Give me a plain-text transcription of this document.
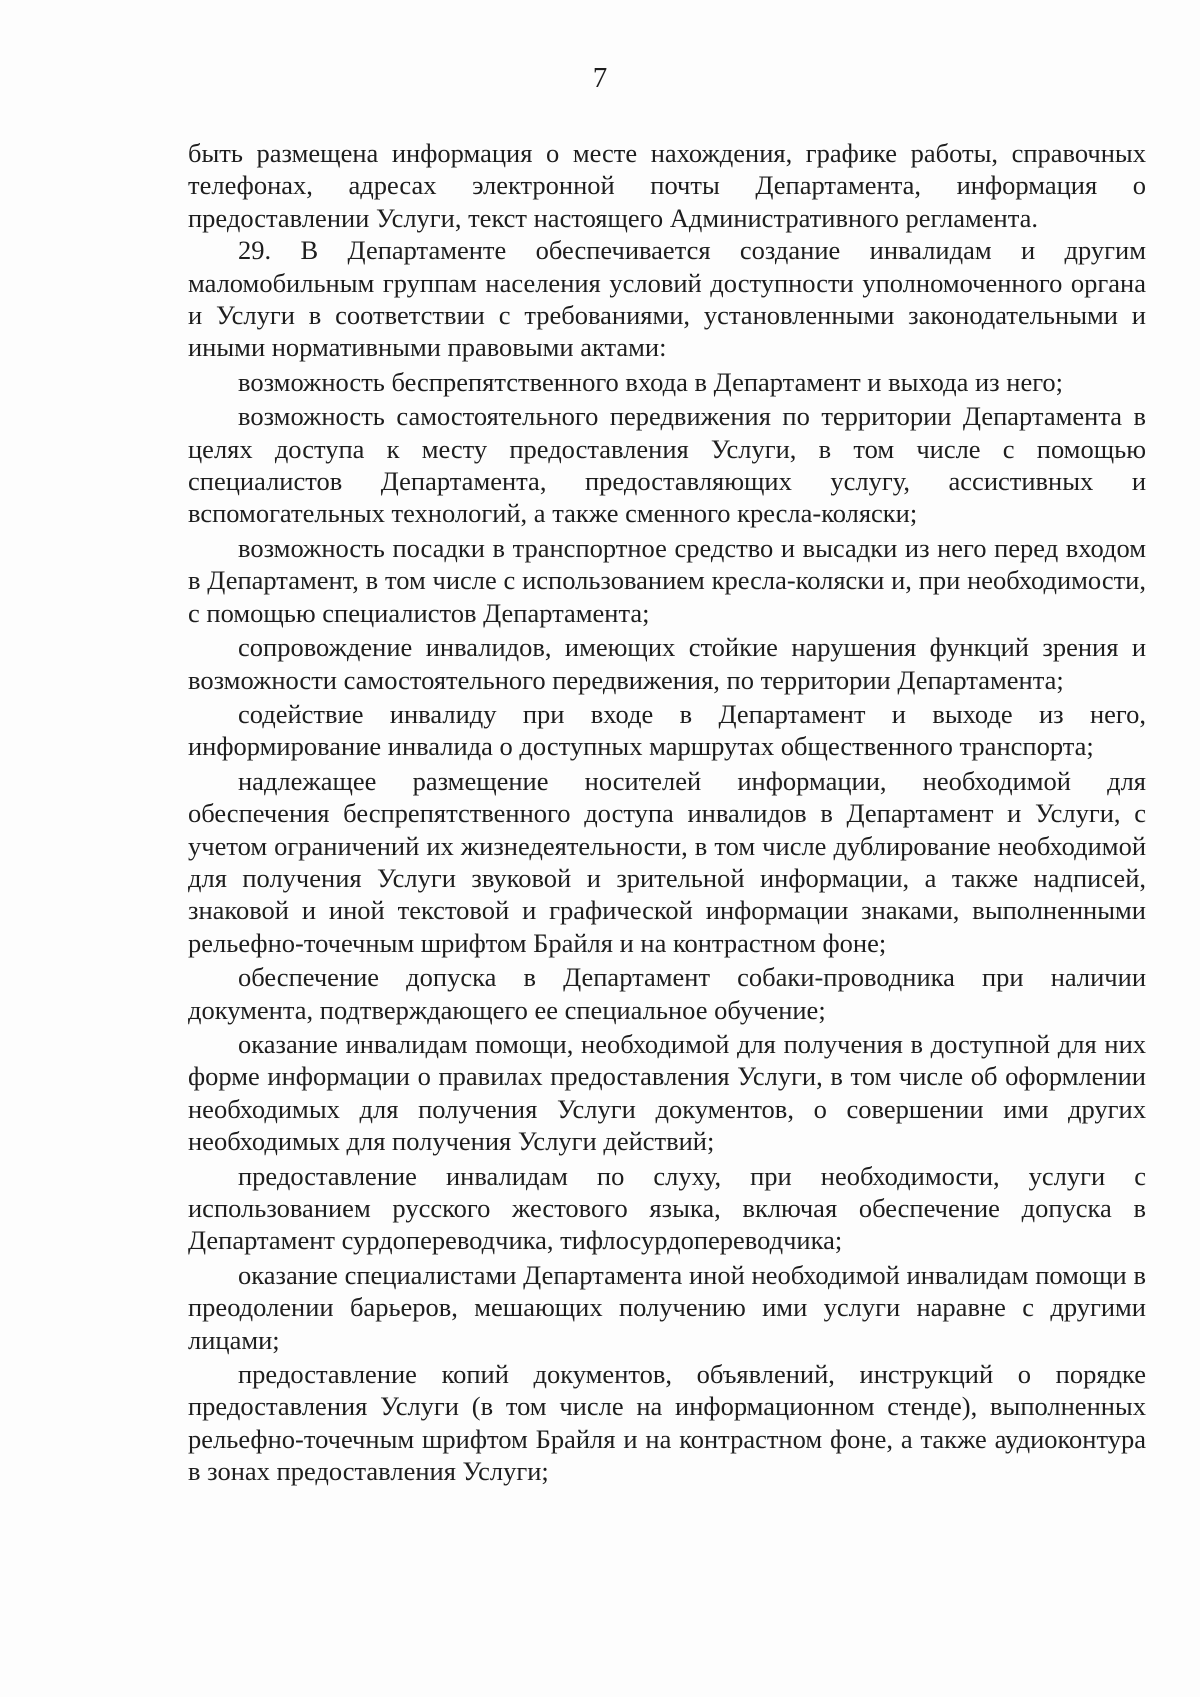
7

быть размещена информация о месте нахождения, графике работы, справочных телефонах, адресах электронной почты Департамента, информация о предоставлении Услуги, текст настоящего Административного регламента.

29. В Департаменте обеспечивается создание инвалидам и другим маломобильным группам населения условий доступности уполномоченного органа и Услуги в соответствии с требованиями, установленными законодательными и иными нормативными правовыми актами:

возможность беспрепятственного входа в Департамент и выхода из него;

возможность самостоятельного передвижения по территории Департамента в целях доступа к месту предоставления Услуги, в том числе с помощью специалистов Департамента, предоставляющих услугу, ассистивных и вспомогательных технологий, а также сменного кресла-коляски;

возможность посадки в транспортное средство и высадки из него перед входом в Департамент, в том числе с использованием кресла-коляски и, при необходимости, с помощью специалистов Департамента;

сопровождение инвалидов, имеющих стойкие нарушения функций зрения и возможности самостоятельного передвижения, по территории Департамента;

содействие инвалиду при входе в Департамент и выходе из него, информирование инвалида о доступных маршрутах общественного транспорта;

надлежащее размещение носителей информации, необходимой для обеспечения беспрепятственного доступа инвалидов в Департамент и Услуги, с учетом ограничений их жизнедеятельности, в том числе дублирование необходимой для получения Услуги звуковой и зрительной информации, а также надписей, знаковой и иной текстовой и графической информации знаками, выполненными рельефно-точечным шрифтом Брайля и на контрастном фоне;

обеспечение допуска в Департамент собаки-проводника при наличии документа, подтверждающего ее специальное обучение;

оказание инвалидам помощи, необходимой для получения в доступной для них форме информации о правилах предоставления Услуги, в том числе об оформлении необходимых для получения Услуги документов, о совершении ими других необходимых для получения Услуги действий;

предоставление инвалидам по слуху, при необходимости, услуги с использованием русского жестового языка, включая обеспечение допуска в Департамент сурдопереводчика, тифлосурдопереводчика;

оказание специалистами Департамента иной необходимой инвалидам помощи в преодолении барьеров, мешающих получению ими услуги наравне с другими лицами;

предоставление копий документов, объявлений, инструкций о порядке предоставления Услуги (в том числе на информационном стенде), выполненных рельефно-точечным шрифтом Брайля и на контрастном фоне, а также аудиоконтура в зонах предоставления Услуги;
